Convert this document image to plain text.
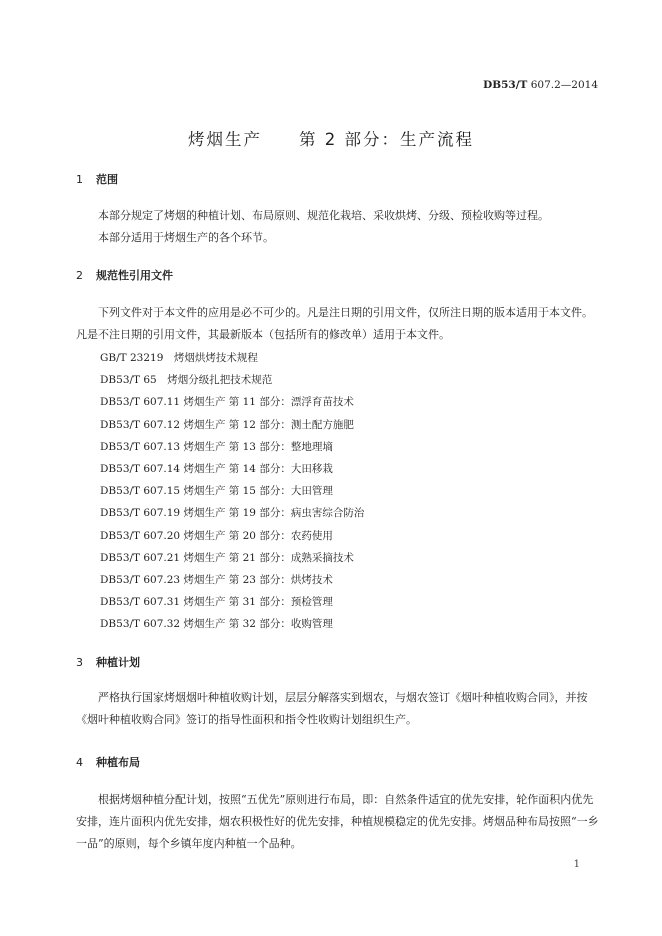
DB53/T 607.2—2014
烤烟生产　　第 2 部分：生产流程
1 范围

本部分规定了烤烟的种植计划、布局原则、规范化栽培、采收烘烤、分级、预检收购等过程。

本部分适用于烤烟生产的各个环节。

2 规范性引用文件

下列文件对于本文件的应用是必不可少的。凡是注日期的引用文件，仅所注日期的版本适用于本文件。凡是不注日期的引用文件，其最新版本（包括所有的修改单）适用于本文件。

GB/T 23219　烤烟烘烤技术规程
DB53/T 65　烤烟分级扎把技术规范
DB53/T 607.11 烤烟生产 第 11 部分：漂浮育苗技术
DB53/T 607.12 烤烟生产 第 12 部分：测土配方施肥
DB53/T 607.13 烤烟生产 第 13 部分：整地理墒
DB53/T 607.14 烤烟生产 第 14 部分：大田移栽
DB53/T 607.15 烤烟生产 第 15 部分：大田管理
DB53/T 607.19 烤烟生产 第 19 部分：病虫害综合防治
DB53/T 607.20 烤烟生产 第 20 部分：农药使用
DB53/T 607.21 烤烟生产 第 21 部分：成熟采摘技术
DB53/T 607.23 烤烟生产 第 23 部分：烘烤技术
DB53/T 607.31 烤烟生产 第 31 部分：预检管理
DB53/T 607.32 烤烟生产 第 32 部分：收购管理
3 种植计划

严格执行国家烤烟烟叶种植收购计划，层层分解落实到烟农，与烟农签订《烟叶种植收购合同》，并按《烟叶种植收购合同》签订的指导性面积和指令性收购计划组织生产。

4 种植布局

根据烤烟种植分配计划，按照“五优先”原则进行布局，即：自然条件适宜的优先安排，轮作面积内优先安排，连片面积内优先安排，烟农积极性好的优先安排，种植规模稳定的优先安排。烤烟品种布局按照“一乡一品”的原则，每个乡镇年度内种植一个品种。

1
